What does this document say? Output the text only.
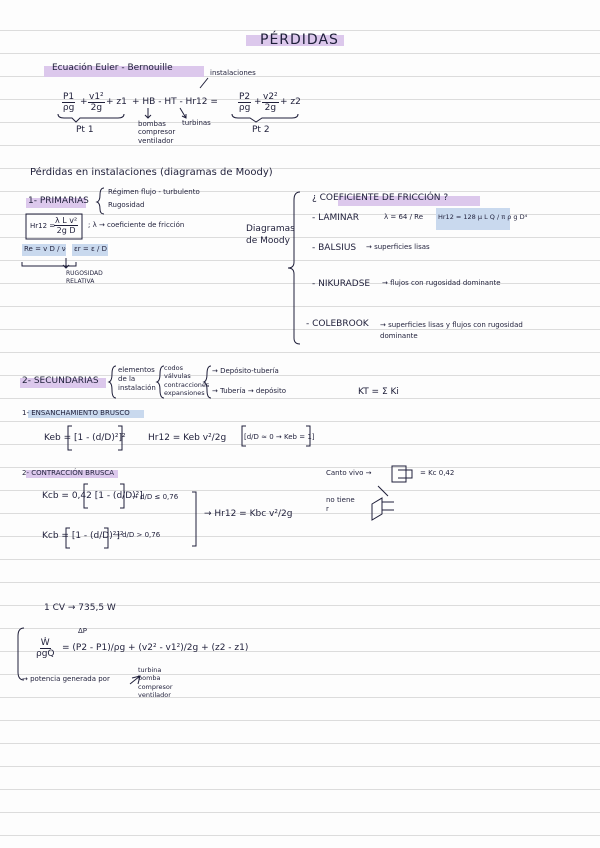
PÉRDIDAS
Ecuación Euler - Bernouille	instalaciones
$\frac{P1}{\rho g} + \frac{\text{v1²}}{2g} + z1$ + HB - HT - $Hr12 = \frac{P2}{\rho g} + \frac{\text{v2²}}{2g} + z2$
Pt 1	Pt 2
bombas
compresor
ventilador
turbinas
Pérdidas en instalaciones (diagramas de Moody)
1- PRIMARIAS
Régimen flujo - turbulento
Rugosidad
Hr12 =
$\frac{\text{λ L v²}}{\text{2g D}}$ ; λ → coeficiente de fricción
Re = v D / ν εr = ε / D
RUGOSIDAD
RELATIVA
Diagramas
de Moody
¿ COEFICIENTE DE FRICCIÓN ?
- LAMINAR	λ = 64 / Re Hr12 = 128 μ L Q / π ρ g D⁴
- BALSIUS → superficies lisas
- NIKURADSE → flujos con rugosidad dominante
- COLEBROOK → superficies lisas y flujos con rugosidad dominante
2- SECUNDARIAS
elementos
de la
instalación
codos
válvulas
contracciones
expansiones
→ Depósito-tubería
→ Tubería → depósito	KT = Σ Ki
1- ENSANCHAMIENTO BRUSCO
Keb = [1 - (d/D)²]² Hr12 = Keb v²/2g	[d/D ≈ 0 → Keb = 1]
2- CONTRACCIÓN BRUSCA
Kcb = 0,42 [1 - (d/D)²]
→ d/D ≤ 0,76
Kcb = [1 - (d/D)²]²
→ d/D > 0,76
→ Hr12 = Kbc v²/2g
Canto vivo →	= Kc 0,42
no tiene
r
1 CV → 735,5 W
ΔP
Ẇ
ρgQ
= (P2 - P1)/ρg + (v2² - v1²)/2g + (z2 - z1)
→ potencia generada por
turbina
bomba
compresor
ventilador
